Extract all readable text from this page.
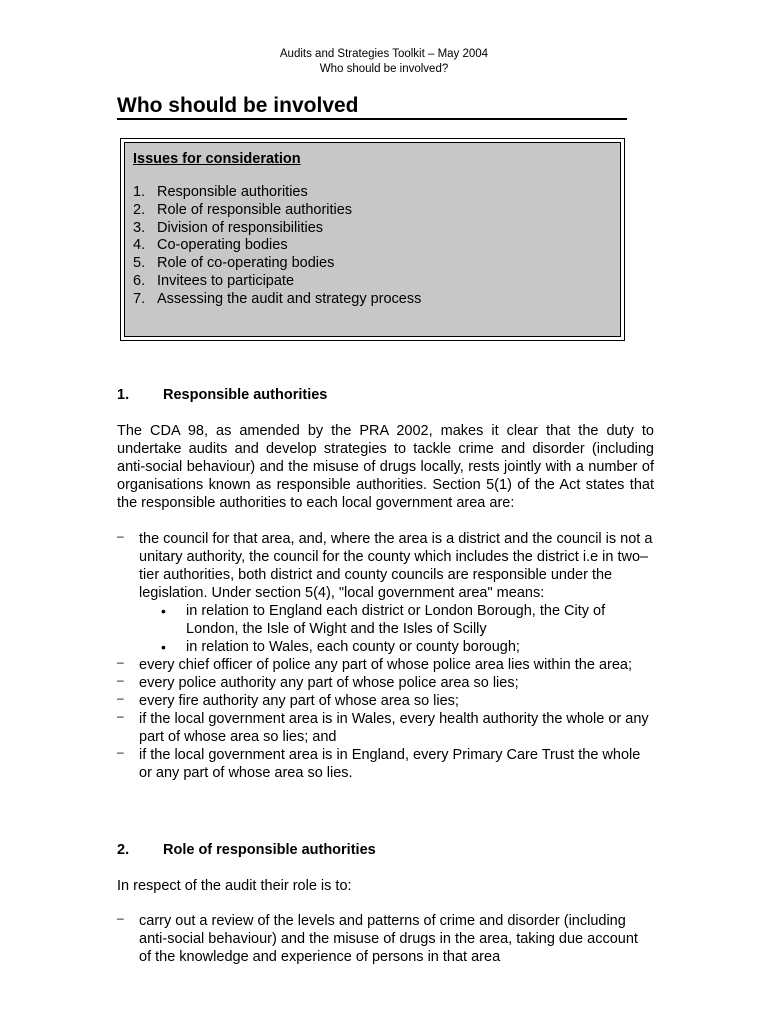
Audits and Strategies Toolkit – May 2004
Who should be involved?
Who should be involved
Issues for consideration
1. Responsible authorities
2. Role of responsible authorities
3. Division of responsibilities
4. Co-operating bodies
5. Role of co-operating bodies
6. Invitees to participate
7. Assessing the audit and strategy process
1. Responsible authorities
The CDA 98, as amended by the PRA 2002, makes it clear that the duty to undertake audits and develop strategies to tackle crime and disorder (including anti-social behaviour) and the misuse of drugs locally, rests jointly with a number of organisations known as responsible authorities. Section 5(1) of the Act states that the responsible authorities to each local government area are:
– the council for that area, and, where the area is a district and the council is not a unitary authority, the council for the county which includes the district i.e in two–tier authorities, both district and county councils are responsible under the legislation. Under section 5(4), "local government area" means:
• in relation to England each district or London Borough, the City of London, the Isle of Wight and the Isles of Scilly
• in relation to Wales, each county or county borough;
– every chief officer of police any part of whose police area lies within the area;
– every police authority any part of whose police area so lies;
– every fire authority any part of whose area so lies;
– if the local government area is in Wales, every health authority the whole or any part of whose area so lies; and
– if the local government area is in England, every Primary Care Trust the whole or any part of whose area so lies.
2. Role of responsible authorities
In respect of the audit their role is to:
– carry out a review of the levels and patterns of crime and disorder (including anti-social behaviour) and the misuse of drugs in the area, taking due account of the knowledge and experience of persons in that area
